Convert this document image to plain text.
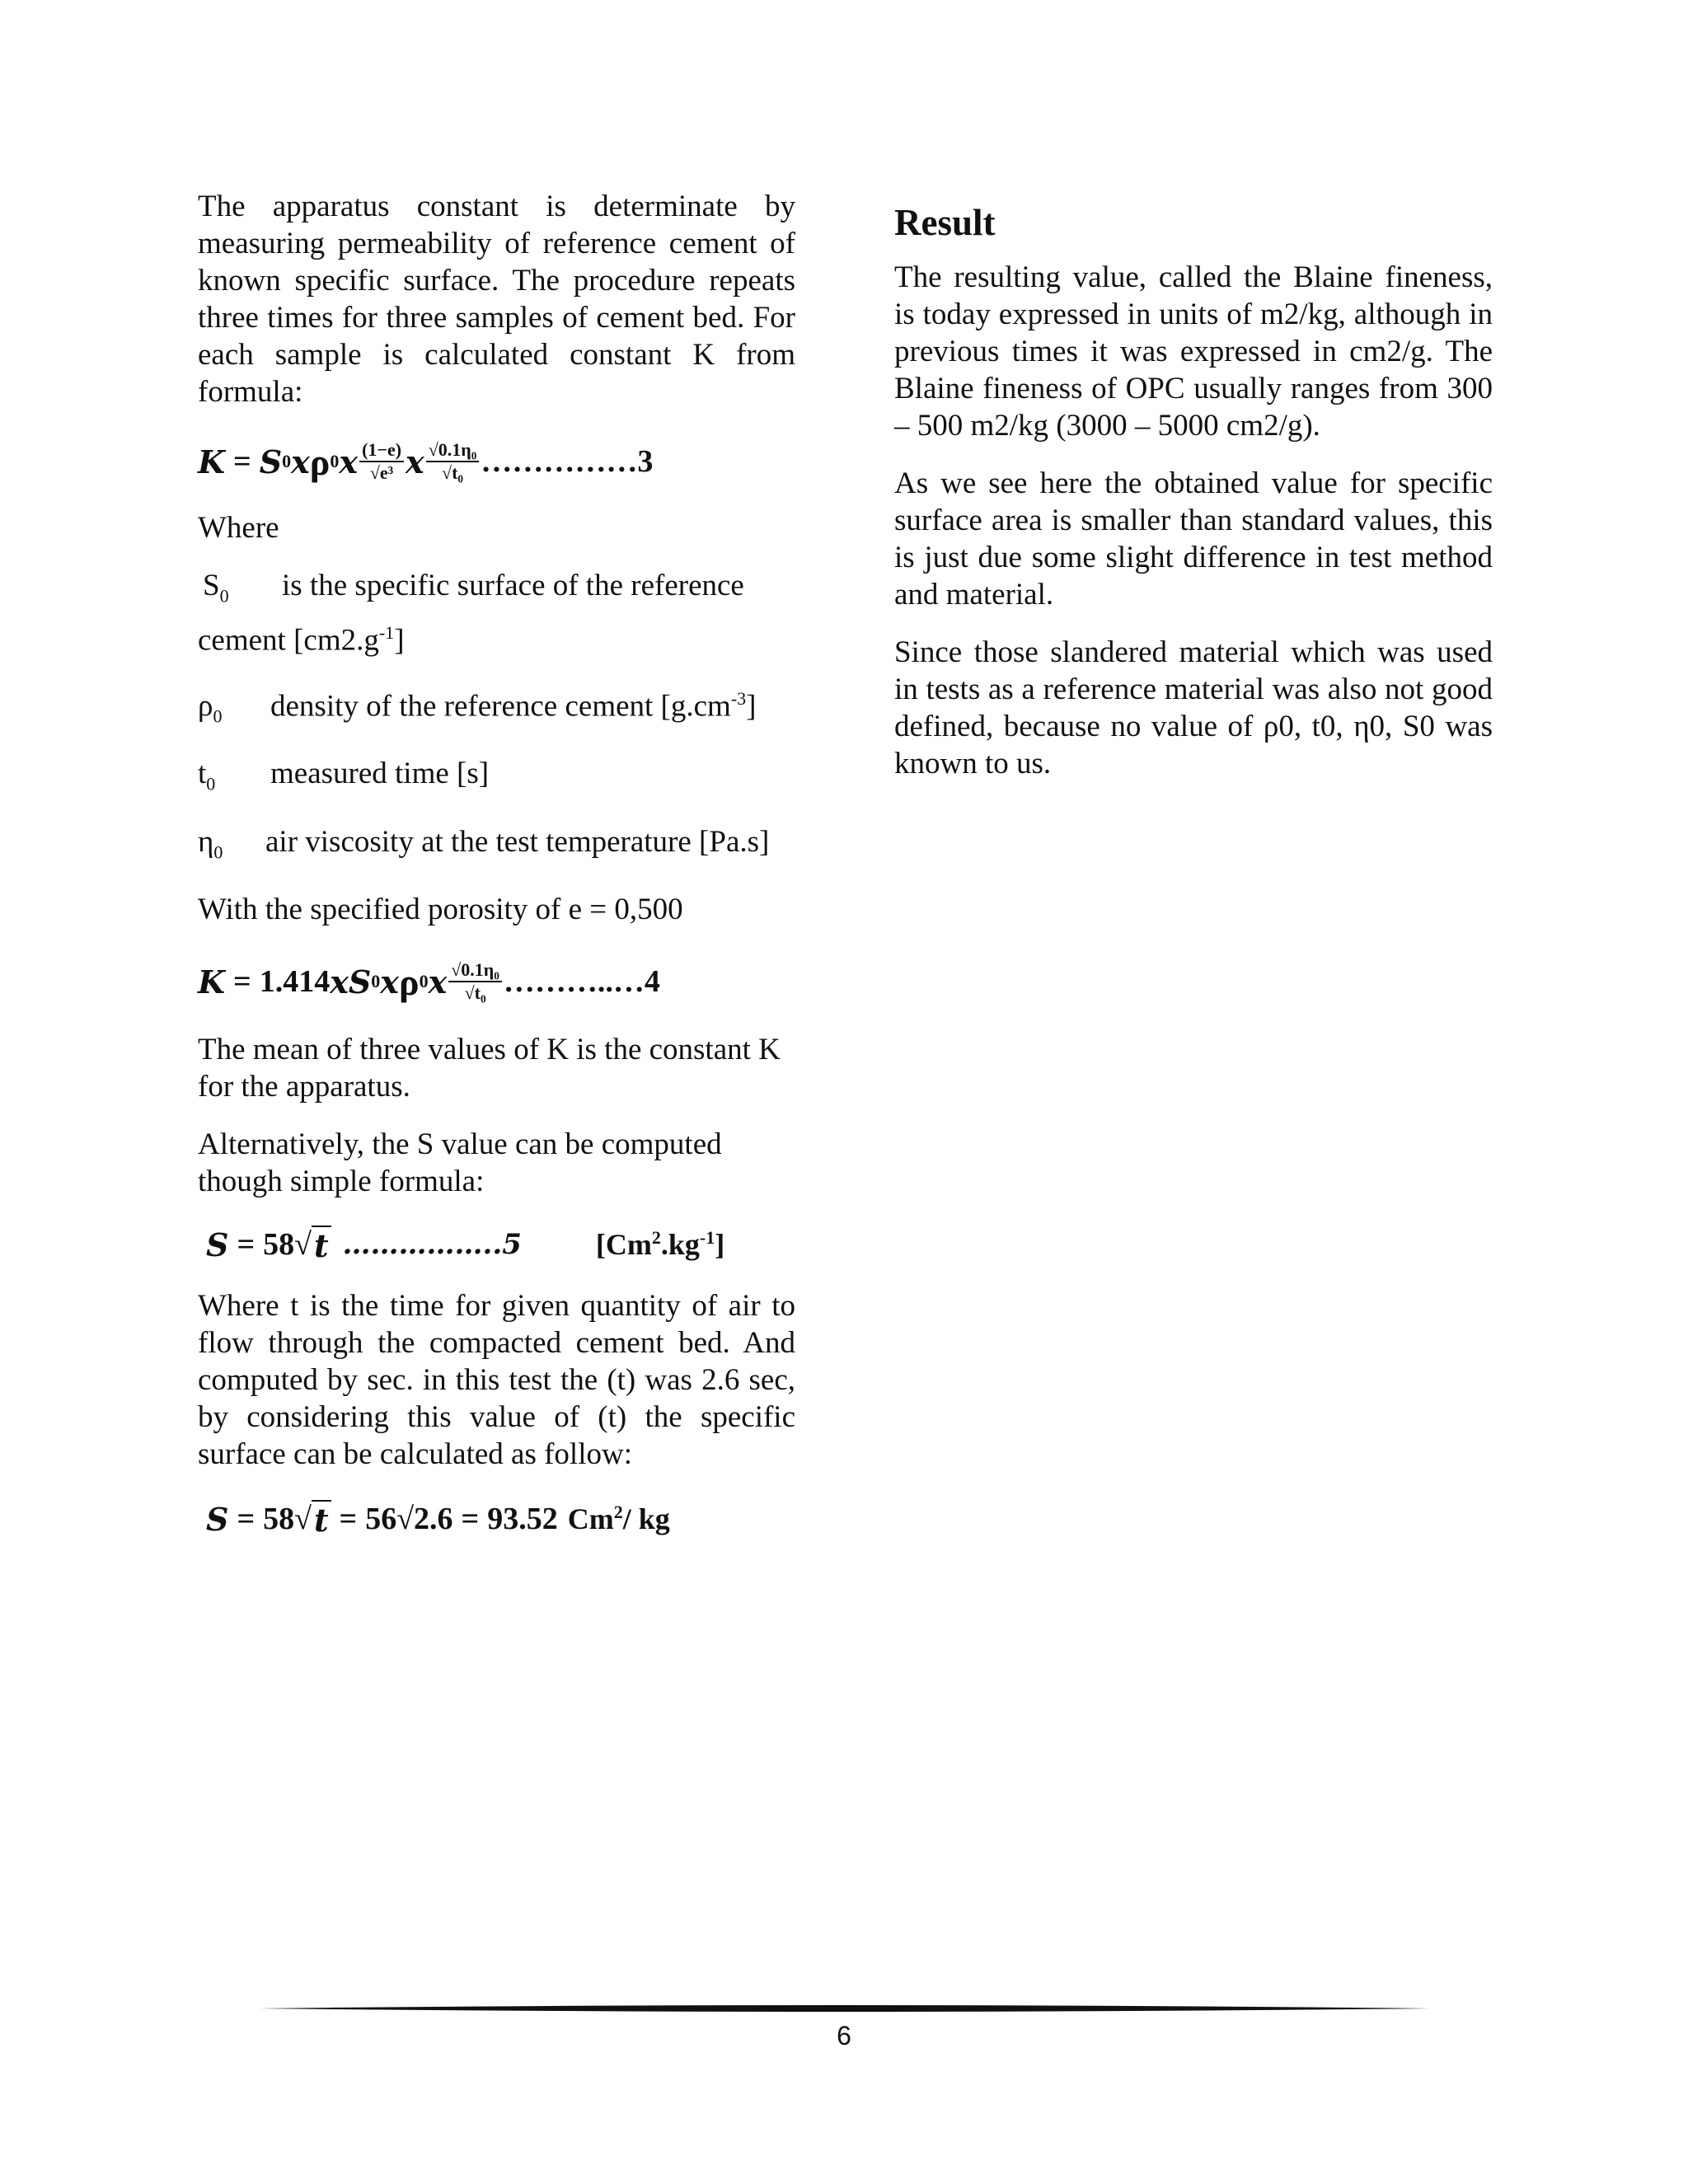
The apparatus constant is determinate by measuring permeability of reference cement of known specific surface. The procedure repeats three times for three samples of cement bed. For each sample is calculated constant K from formula:

K = S 0 x ρ 0 x $\frac{(1-e)}{\text{√e³}}$ x $\frac{\text{√0.1η₀}}{\text{√t₀}}$ ……………3

Where

$S_0$ is the specific surface of the reference cement $[cm2.g^{-1}]$

$\rho_0$ density of the reference cement $[g.cm^{-3}]$

$t_0$ measured time [s]

$\eta_0$ air viscosity at the test temperature [Pa.s]

With the specified porosity of e = 0,500

K = 1.414 x S 0 x ρ 0 x $\frac{\text{√0.1η₀}}{\text{√t₀}}$ ………..…4

The mean of three values of K is the constant K for the apparatus.

Alternatively, the S value can be computed though simple formula:

S = 58√ t ……………..5	$[Cm^2.kg^{-1}]$

Where t is the time for given quantity of air to flow through the compacted cement bed. And computed by sec. in this test the (t) was 2.6 sec, by considering this value of (t) the specific surface can be calculated as follow:

S = 58√ t = 56√2.6 = 93.52 Cm$^2$/ kg
Result

The resulting value, called the Blaine fineness, is today expressed in units of m2/kg, although in previous times it was expressed in cm2/g. The Blaine fineness of OPC usually ranges from 300 – 500 m2/kg (3000 – 5000 cm2/g).

As we see here the obtained value for specific surface area is smaller than standard values, this is just due some slight difference in test method and material.

Since those slandered material which was used in tests as a reference material was also not good defined, because no value of ρ0, t0, η0, S0 was known to us.

6
